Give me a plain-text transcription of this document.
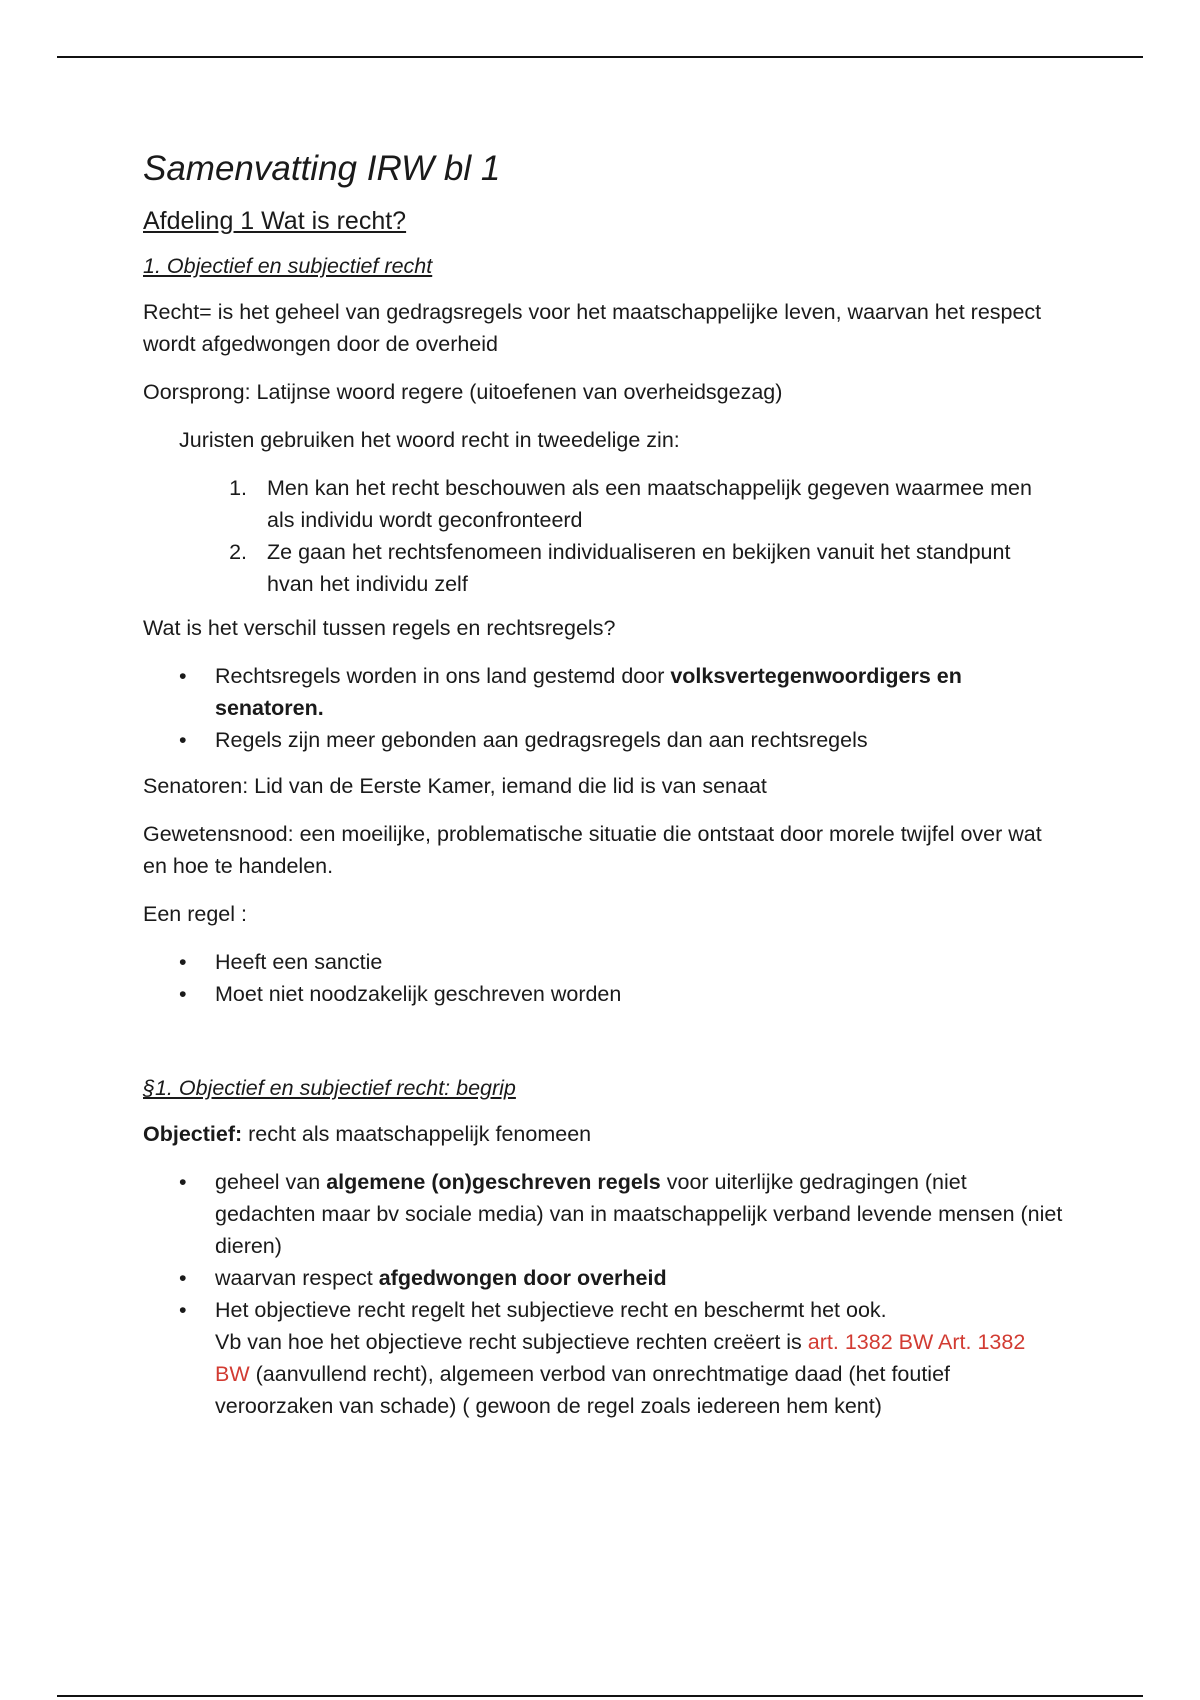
Samenvatting IRW bl 1
Afdeling 1 Wat is recht?
1. Objectief en subjectief recht

Recht= is het geheel van gedragsregels voor het maatschappelijke leven, waarvan het respect wordt afgedwongen door de overheid

Oorsprong: Latijnse woord regere (uitoefenen van overheidsgezag)

Juristen gebruiken het woord recht in tweedelige zin:

1. Men kan het recht beschouwen als een maatschappelijk gegeven waarmee men als individu wordt geconfronteerd
2. Ze gaan het rechtsfenomeen individualiseren en bekijken vanuit het standpunt hvan het individu zelf

Wat is het verschil tussen regels en rechtsregels?

• Rechtsregels worden in ons land gestemd door volksvertegenwoordigers en senatoren.
• Regels zijn meer gebonden aan gedragsregels dan aan rechtsregels

Senatoren: Lid van de Eerste Kamer, iemand die lid is van senaat

Gewetensnood: een moeilijke, problematische situatie die ontstaat door morele twijfel over wat en hoe te handelen.

Een regel :

• Heeft een sanctie
• Moet niet noodzakelijk geschreven worden
§1. Objectief en subjectief recht: begrip

Objectief: recht als maatschappelijk fenomeen

• geheel van algemene (on)geschreven regels voor uiterlijke gedragingen (niet gedachten maar bv sociale media) van in maatschappelijk verband levende mensen (niet dieren)
• waarvan respect afgedwongen door overheid
• Het objectieve recht regelt het subjectieve recht en beschermt het ook.
Vb van hoe het objectieve recht subjectieve rechten creëert is art. 1382 BW Art. 1382 BW (aanvullend recht), algemeen verbod van onrechtmatige daad (het foutief veroorzaken van schade) ( gewoon de regel zoals iedereen hem kent)
